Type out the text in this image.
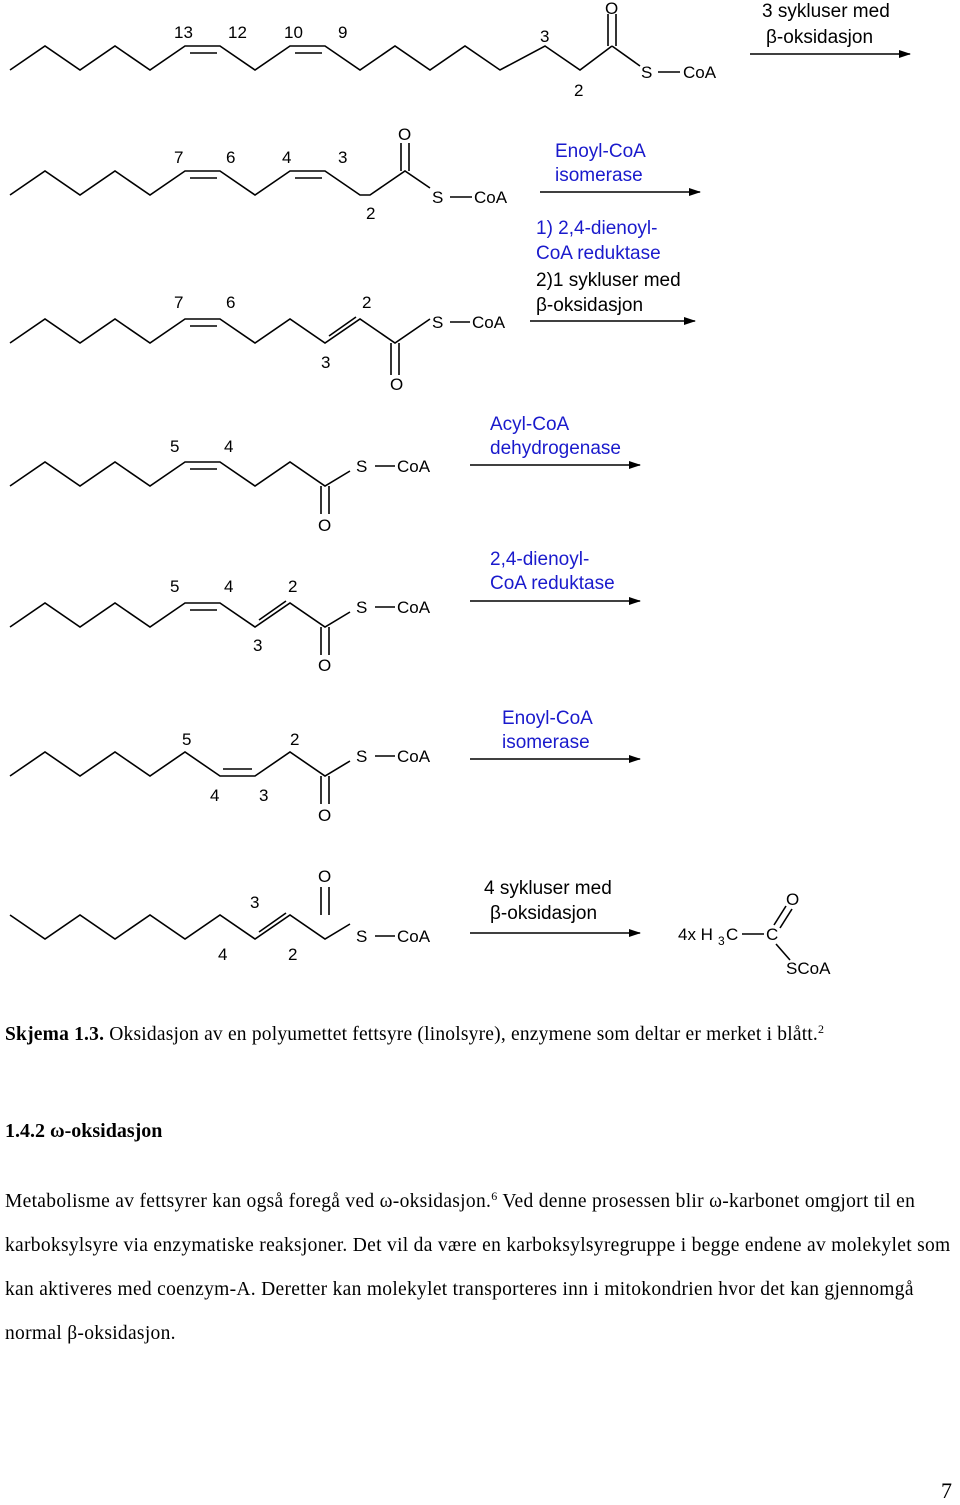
13 12 10 9	3
2
O
S CoA
3 sykluser med
β-oksidasjon
7	6	4	3
2
O
S CoA
Enoyl-CoA
isomerase
7	6	2
3
O
S CoA
1) 2,4-dienoyl-
CoA reduktase
2)1 sykluser med
β-oksidasjon
5	4
O
S CoA
Acyl-CoA
dehydrogenase
5	4	2
3
O
S CoA
2,4-dienoyl-
CoA reduktase
5	2
4 3
O
S CoA
Enoyl-CoA
isomerase
3
4	2
O
S CoA
4 sykluser med
β-oksidasjon
4x H 3 C C
O
SCoA

Skjema 1.3. Oksidasjon av en polyumettet fettsyre (linolsyre), enzymene som deltar er merket i blått.$^2$

1.4.2 ω-oksidasjon

Metabolisme av fettsyrer kan også foregå ved ω-oksidasjon.$^6$ Ved denne prosessen blir ω-karbonet omgjort til en karboksylsyre via enzymatiske reaksjoner. Det vil da være en karboksylsyregruppe i begge endene av molekylet som kan aktiveres med coenzym-A. Deretter kan molekylet transporteres inn i mitokondrien hvor det kan gjennomgå normal β-oksidasjon.

7
